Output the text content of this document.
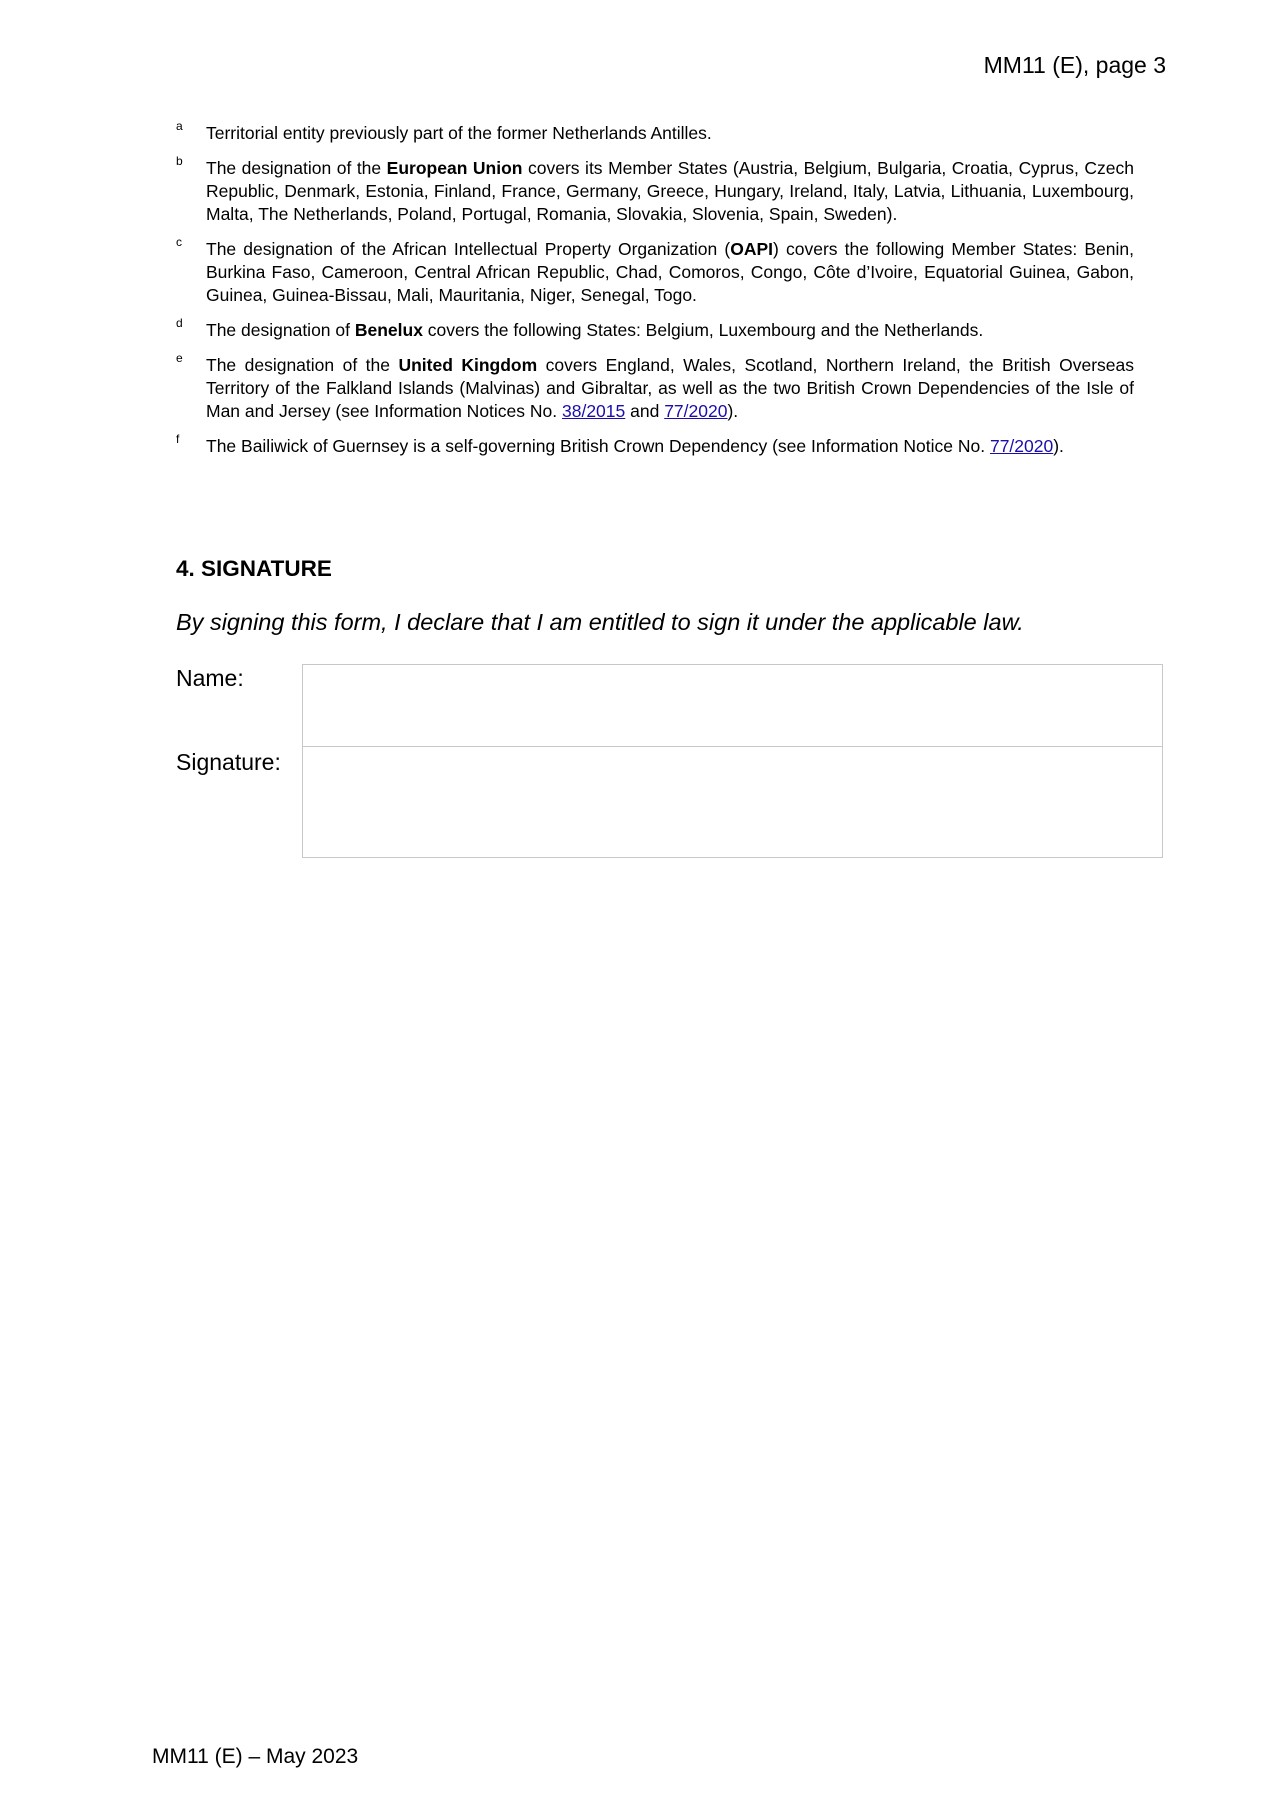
MM11 (E), page 3
a Territorial entity previously part of the former Netherlands Antilles.
b The designation of the European Union covers its Member States (Austria, Belgium, Bulgaria, Croatia, Cyprus, Czech Republic, Denmark, Estonia, Finland, France, Germany, Greece, Hungary, Ireland, Italy, Latvia, Lithuania, Luxembourg, Malta, The Netherlands, Poland, Portugal, Romania, Slovakia, Slovenia, Spain, Sweden).
c The designation of the African Intellectual Property Organization (OAPI) covers the following Member States: Benin, Burkina Faso, Cameroon, Central African Republic, Chad, Comoros, Congo, Côte d’Ivoire, Equatorial Guinea, Gabon, Guinea, Guinea-Bissau, Mali, Mauritania, Niger, Senegal, Togo.
d The designation of Benelux covers the following States: Belgium, Luxembourg and the Netherlands.
e The designation of the United Kingdom covers England, Wales, Scotland, Northern Ireland, the British Overseas Territory of the Falkland Islands (Malvinas) and Gibraltar, as well as the two British Crown Dependencies of the Isle of Man and Jersey (see Information Notices No. 38/2015 and 77/2020).
f The Bailiwick of Guernsey is a self-governing British Crown Dependency (see Information Notice No. 77/2020).
4. SIGNATURE
By signing this form, I declare that I am entitled to sign it under the applicable law.
Name:
Signature:
MM11 (E) – May 2023
